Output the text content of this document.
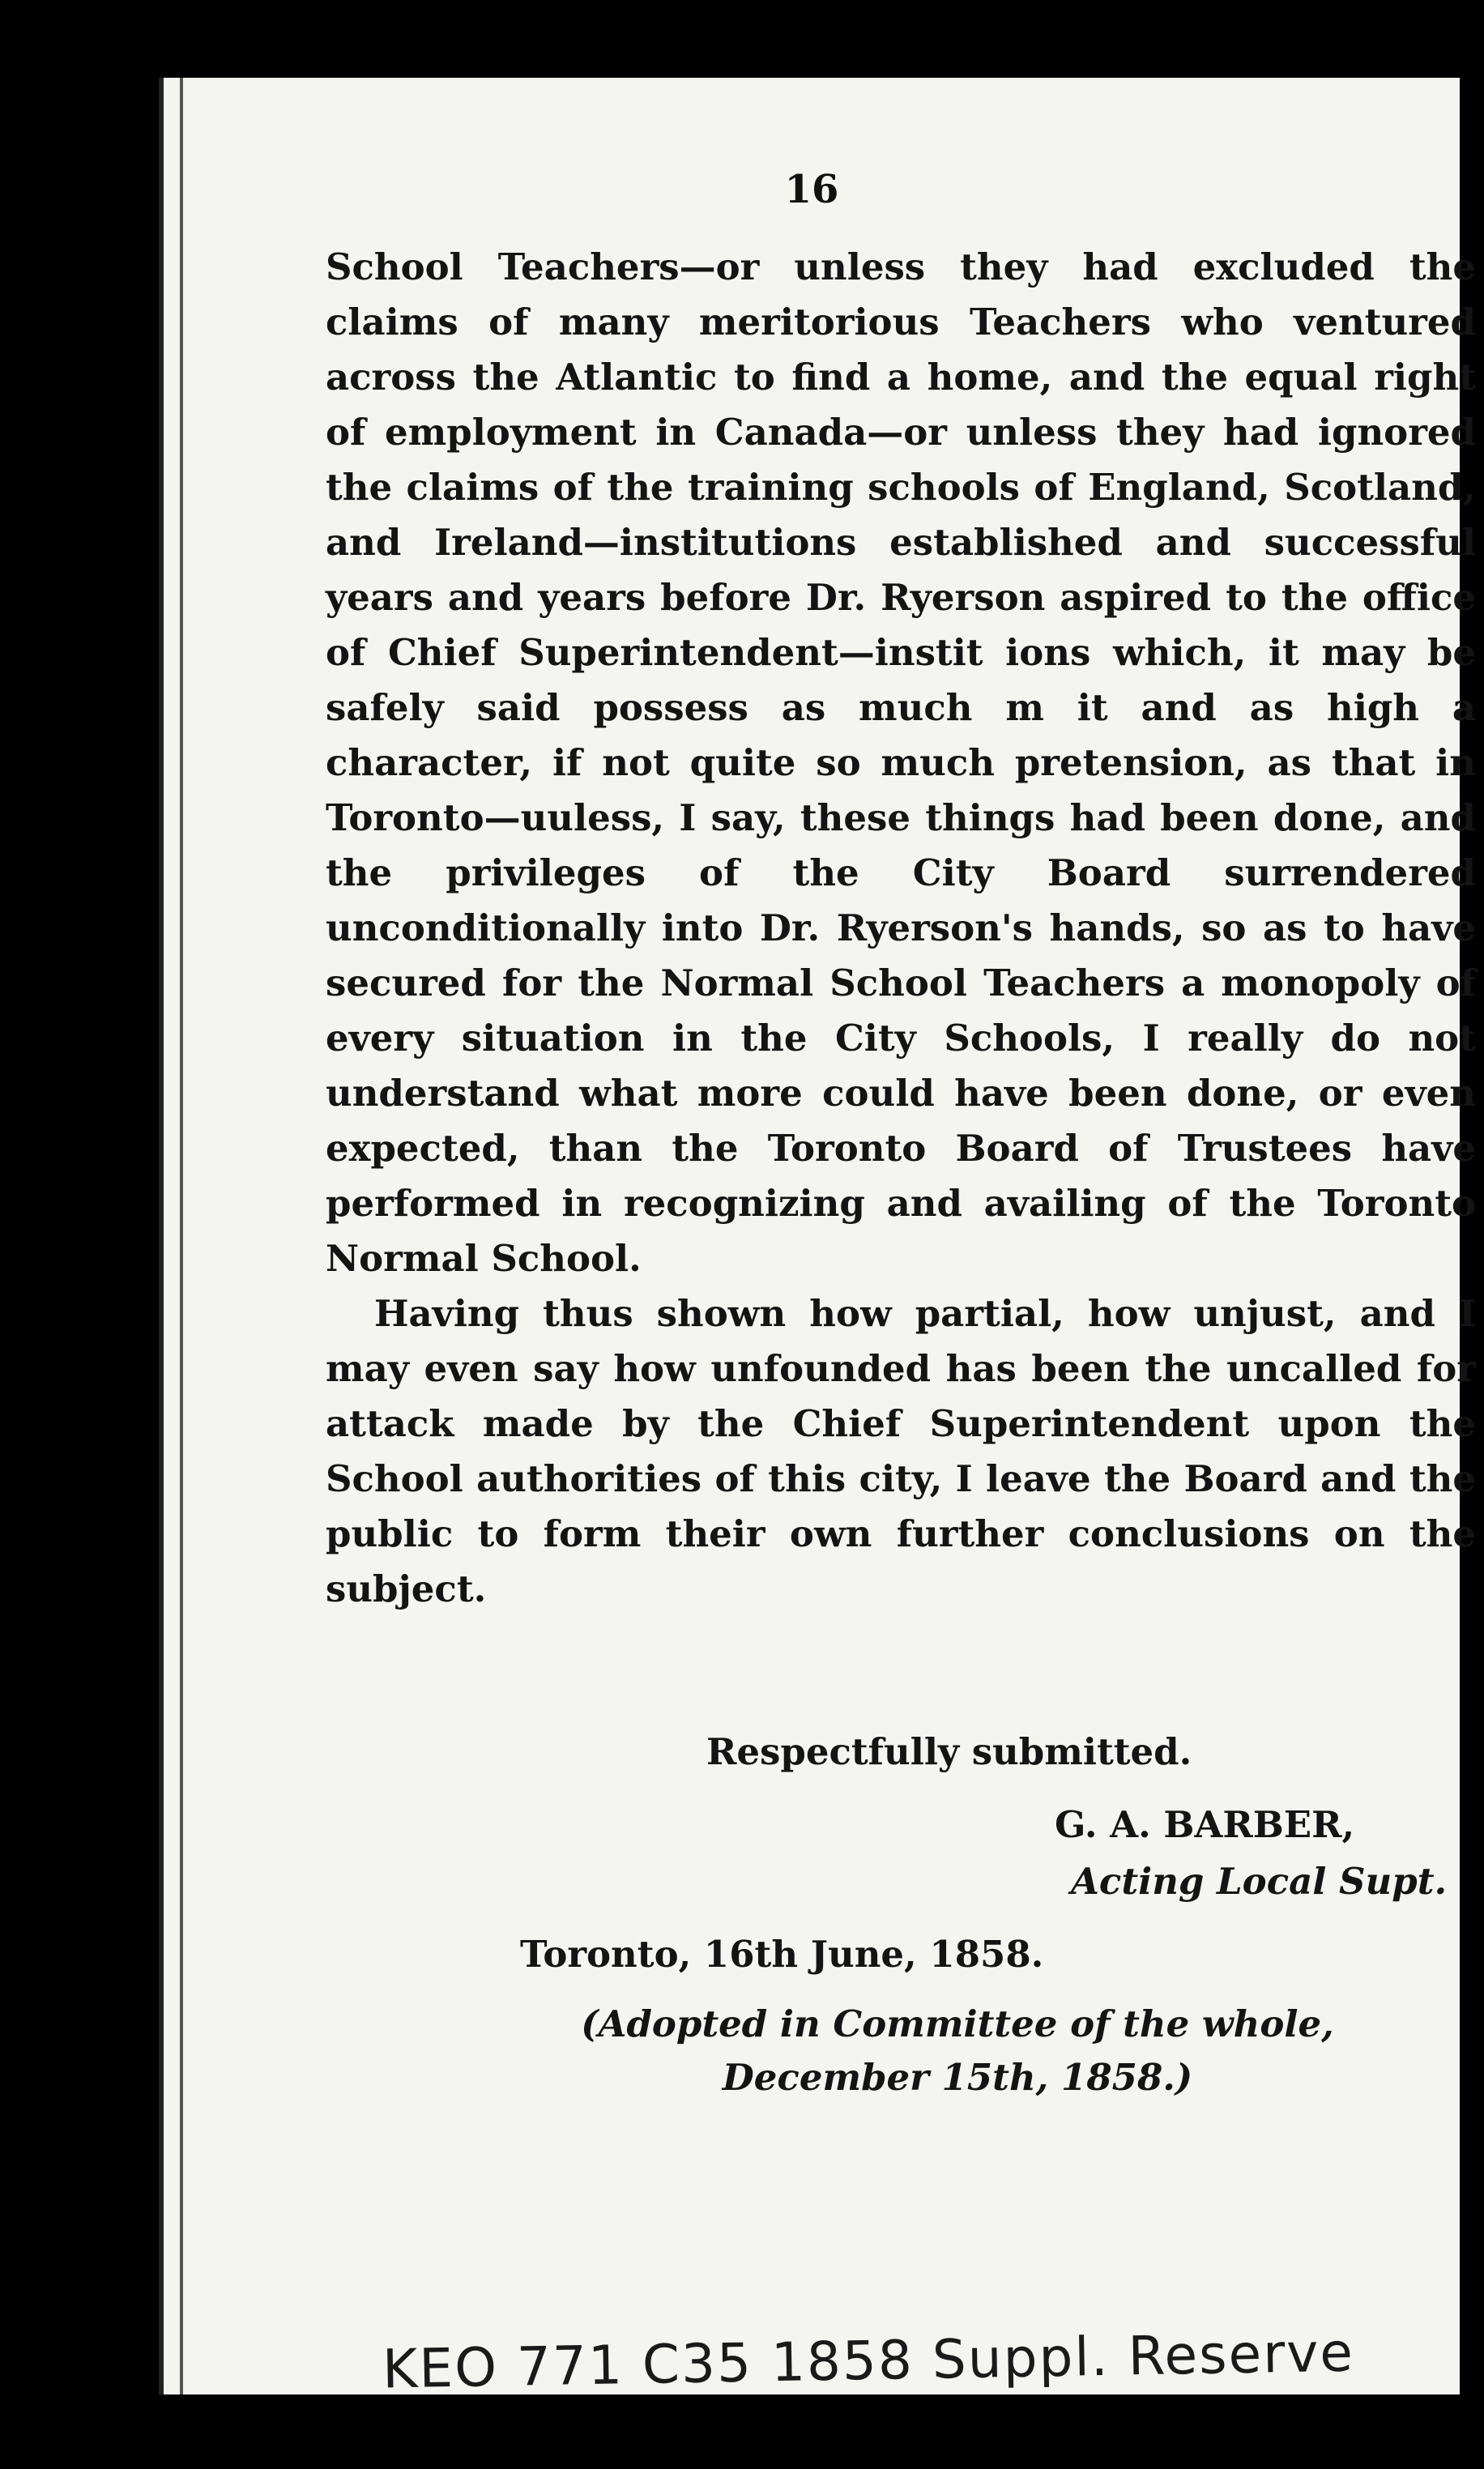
16

School Teachers—or unless they had excluded the claims of many meritorious Teachers who ventured across the Atlantic to find a home, and the equal right of employment in Canada—or unless they had ignored the claims of the training schools of England, Scotland, and Ireland—institutions established and successful years and years before Dr. Ryerson aspired to the office of Chief Superintendent—instit ions which, it may be safely said possess as much m it and as high a character, if not quite so much pretension, as that in Toronto—uuless, I say, these things had been done, and the privileges of the City Board surrendered unconditionally into Dr. Ryerson's hands, so as to have secured for the Normal School Teachers a monopoly of every situation in the City Schools, I really do not understand what more could have been done, or even expected, than the Toronto Board of Trustees have performed in recognizing and availing of the Toronto Normal School.

Having thus shown how partial, how unjust, and I may even say how unfounded has been the uncalled for attack made by the Chief Superintendent upon the School authorities of this city, I leave the Board and the public to form their own further conclusions on the subject.

Respectfully submitted.
G. A. BARBER,
Acting Local Supt.
Toronto, 16th June, 1858.
(Adopted in Committee of the whole, December 15th, 1858.)
KEO 771 C35 1858 Suppl. Reserve
